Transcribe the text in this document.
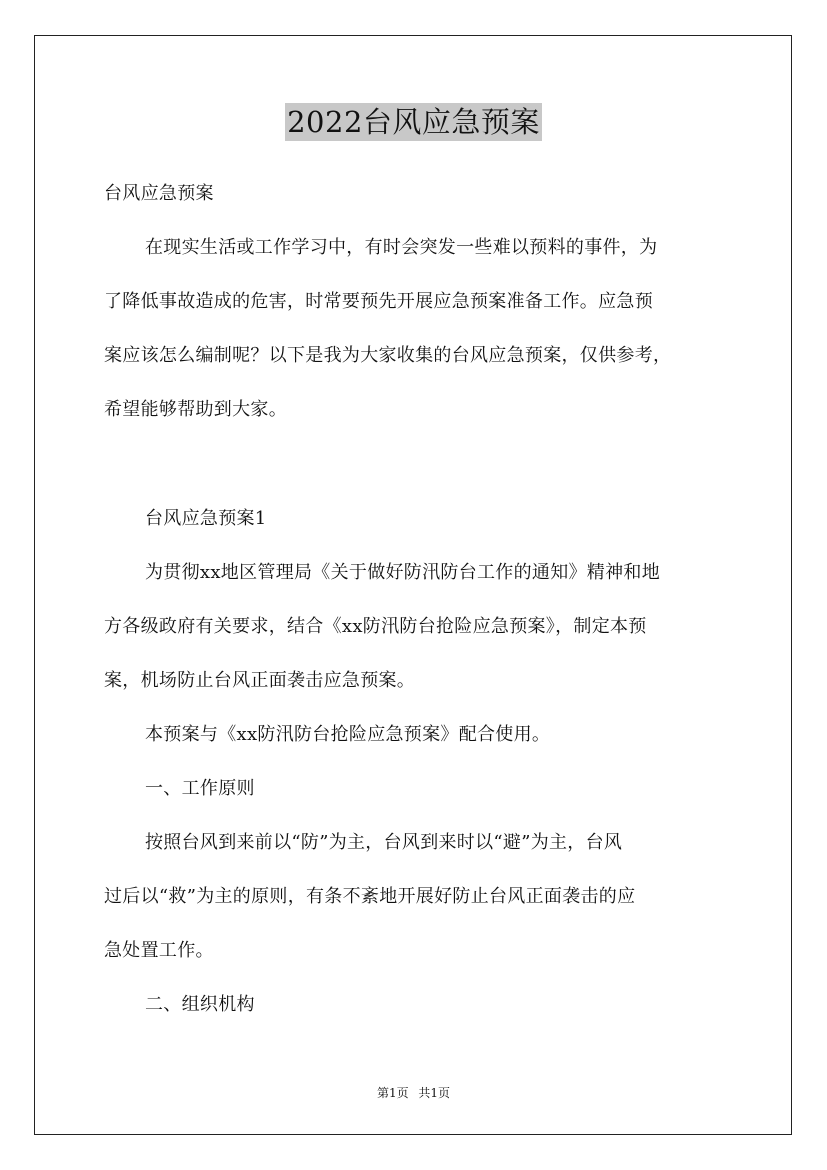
2022台风应急预案
台风应急预案
在现实生活或工作学习中，有时会突发一些难以预料的事件，为
了降低事故造成的危害，时常要预先开展应急预案准备工作。应急预
案应该怎么编制呢？以下是我为大家收集的台风应急预案，仅供参考，
希望能够帮助到大家。
台风应急预案1
为贯彻xx地区管理局《关于做好防汛防台工作的通知》精神和地
方各级政府有关要求，结合《xx防汛防台抢险应急预案》，制定本预
案，机场防止台风正面袭击应急预案。
本预案与《xx防汛防台抢险应急预案》配合使用。
一、工作原则
按照台风到来前以“防”为主，台风到来时以“避”为主，台风
过后以“救”为主的原则，有条不紊地开展好防止台风正面袭击的应
急处置工作。
二、组织机构
第1页 共1页
